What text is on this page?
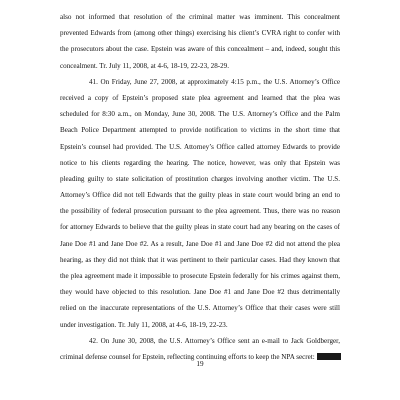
also not informed that resolution of the criminal matter was imminent. This concealment
prevented Edwards from (among other things) exercising his client’s CVRA right to confer with
the prosecutors about the case. Epstein was aware of this concealment – and, indeed, sought this
concealment. Tr. July 11, 2008, at 4-6, 18-19, 22-23, 28-29.
41. On Friday, June 27, 2008, at approximately 4:15 p.m., the U.S. Attorney’s Office
received a copy of Epstein’s proposed state plea agreement and learned that the plea was
scheduled for 8:30 a.m., on Monday, June 30, 2008. The U.S. Attorney’s Office and the Palm
Beach Police Department attempted to provide notification to victims in the short time that
Epstein’s counsel had provided. The U.S. Attorney’s Office called attorney Edwards to provide
notice to his clients regarding the hearing. The notice, however, was only that Epstein was
pleading guilty to state solicitation of prostitution charges involving another victim. The U.S.
Attorney’s Office did not tell Edwards that the guilty pleas in state court would bring an end to
the possibility of federal prosecution pursuant to the plea agreement. Thus, there was no reason
for attorney Edwards to believe that the guilty pleas in state court had any bearing on the cases of
Jane Doe #1 and Jane Doe #2. As a result, Jane Doe #1 and Jane Doe #2 did not attend the plea
hearing, as they did not think that it was pertinent to their particular cases. Had they known that
the plea agreement made it impossible to prosecute Epstein federally for his crimes against them,
they would have objected to this resolution. Jane Doe #1 and Jane Doe #2 thus detrimentally
relied on the inaccurate representations of the U.S. Attorney’s Office that their cases were still
under investigation. Tr. July 11, 2008, at 4-6, 18-19, 22-23.
42. On June 30, 2008, the U.S. Attorney’s Office sent an e-mail to Jack Goldberger,
criminal defense counsel for Epstein, reflecting continuing efforts to keep the NPA secret:
19
